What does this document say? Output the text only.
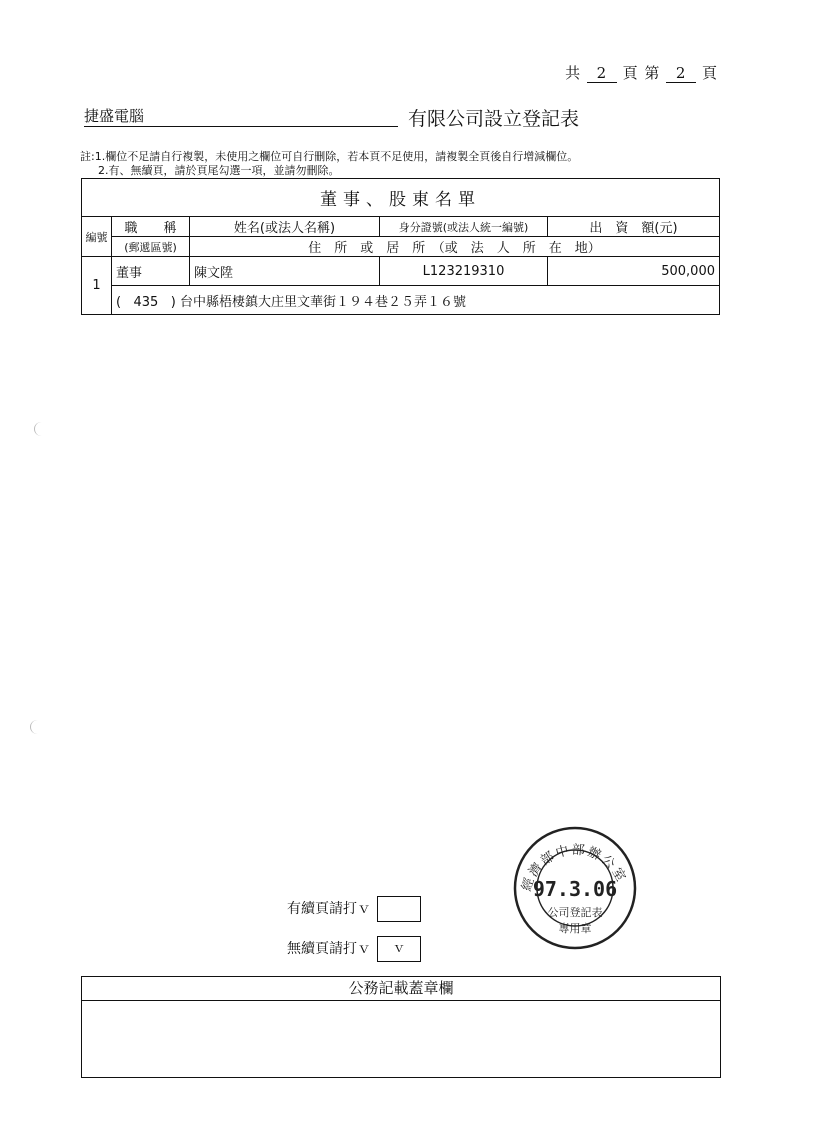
共 2 頁 第 2 頁
捷盛電腦	有限公司設立登記表
註:1.欄位不足請自行複製，未使用之欄位可自行刪除，若本頁不足使用，請複製全頁後自行增減欄位。
2.有、無續頁，請於頁尾勾選一項，並請勿刪除。
董事、股東名單				
編號	職　　稱	姓名(或法人名稱)	身分證號(或法人統一編號)	出　資　額(元)
	(郵遞區號)	住　所　或　居　所　（或　法　人　所　在　地）		
1	董事	陳文陞	L123219310	500,000
	( 435 ) 台中縣梧棲鎮大庄里文華街１９４巷２５弄１６號			
有續頁請打ｖ
無續頁請打ｖ ｖ
經濟部中部辦公室
97.3.06
公司登記表
專用章
公務記載蓋章欄
